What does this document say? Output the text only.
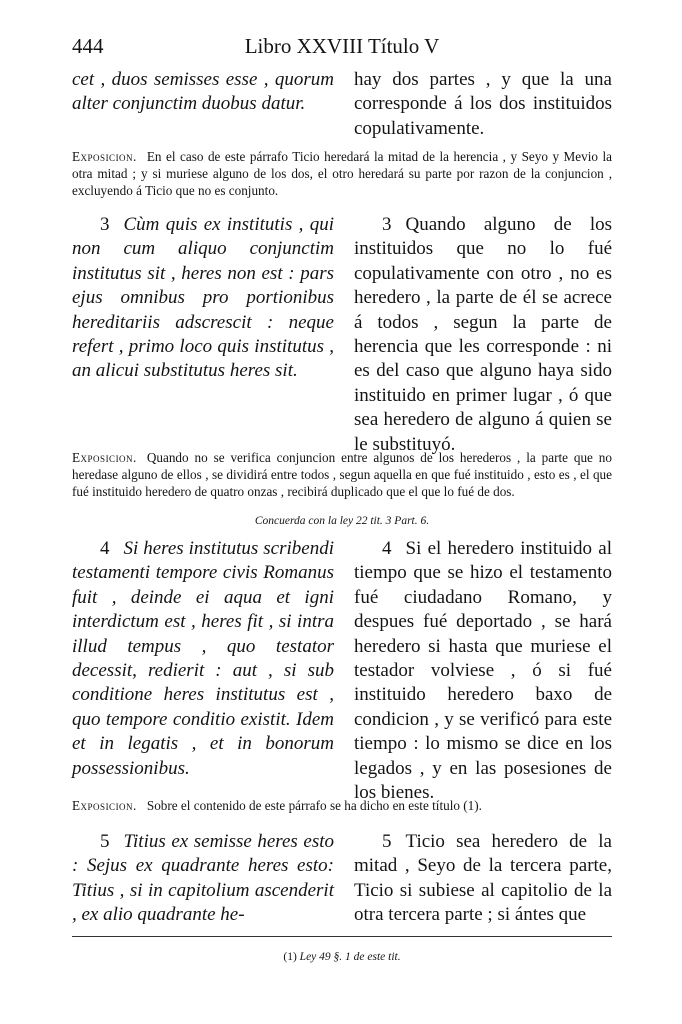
444	Libro XXVIII Título V
cet , duos semisses esse , quorum alter conjunctim duobus datur.
hay dos partes , y que la una corresponde á los dos instituidos copulativamente.
Exposicion. En el caso de este párrafo Ticio heredará la mitad de la herencia , y Seyo y Mevio la otra mitad ; y si muriese alguno de los dos, el otro heredará su parte por razon de la conjuncion , excluyendo á Ticio que no es conjunto.
3 Cùm quis ex institutis , qui non cum aliquo conjunctim institutus sit , heres non est : pars ejus omnibus pro portionibus hereditariis adscrescit : neque refert , primo loco quis institutus , an alicui substitutus heres sit.
3 Quando alguno de los instituidos que no lo fué copulativamente con otro , no es heredero , la parte de él se acrece á todos , segun la parte de herencia que les corresponde : ni es del caso que alguno haya sido instituido en primer lugar , ó que sea heredero de alguno á quien se le substituyó.
Exposicion. Quando no se verifica conjuncion entre algunos de los herederos , la parte que no heredase alguno de ellos , se dividirá entre todos , segun aquella en que fué instituido , esto es , el que fué instituido heredero de quatro onzas , recibirá duplicado que el que lo fué de dos.
Concuerda con la ley 22 tit. 3 Part. 6.
4 Si heres institutus scribendi testamenti tempore civis Romanus fuit , deinde ei aqua et igni interdictum est , heres fit , si intra illud tempus , quo testator decessit, redierit : aut , si sub conditione heres institutus est , quo tempore conditio existit. Idem et in legatis , et in bonorum possessionibus.
4 Si el heredero instituido al tiempo que se hizo el testamento fué ciudadano Romano, y despues fué deportado , se hará heredero si hasta que muriese el testador volviese , ó si fué instituido heredero baxo de condicion , y se verificó para este tiempo : lo mismo se dice en los legados , y en las posesiones de los bienes.
Exposicion. Sobre el contenido de este párrafo se ha dicho en este título (1).
5 Titius ex semisse heres esto : Sejus ex quadrante heres esto: Titius , si in capitolium ascenderit , ex alio quadrante he-
5 Ticio sea heredero de la mitad , Seyo de la tercera parte, Ticio si subiese al capitolio de la otra tercera parte ; si ántes que
(1) Ley 49 §. 1 de este tit.
